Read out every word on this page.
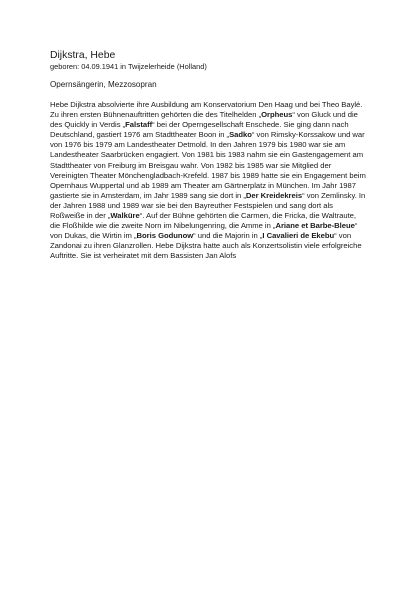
Dijkstra, Hebe

geboren: 04.09.1941 in Twijzelerheide (Holland)

Opernsängerin, Mezzosopran

Hebe Dijkstra absolvierte ihre Ausbildung am Konservatorium Den Haag und bei Theo Baylé. Zu ihren ersten Bühnenauftritten gehörten die des Titelhelden „Orpheus“ von Gluck und die des Quickly in Verdis „Falstaff“ bei der Operngesellschaft Enschede. Sie ging dann nach Deutschland, gastiert 1976 am Stadttheater Boon in „Sadko“ von Rimsky-Korssakow und war von 1976 bis 1979 am Landestheater Detmold. In den Jahren 1979 bis 1980 war sie am Landestheater Saarbrücken engagiert. Von 1981 bis 1983 nahm sie ein Gastengagement am Stadttheater von Freiburg im Breisgau wahr. Von 1982 bis 1985 war sie Mitglied der Vereinigten Theater Mönchengladbach-Krefeld. 1987 bis 1989 hatte sie ein Engagement beim Opernhaus Wuppertal und ab 1989 am Theater am Gärtnerplatz in München. Im Jahr 1987 gastierte sie in Amsterdam, im Jahr 1989 sang sie dort in „Der Kreidekreis“ von Zemlinsky. In der Jahren 1988 und 1989 war sie bei den Bayreuther Festspielen und sang dort als Roßweiße in der „Walküre“. Auf der Bühne gehörten die Carmen, die Fricka, die Waltraute, die Floßhilde wie die zweite Norn im Nibelungenring, die Amme in „Ariane et Barbe-Bleue“ von Dukas, die Wirtin im „Boris Godunow“ und die Majorin in „I Cavalieri de Ekebu“ von Zandonai zu ihren Glanzrollen. Hebe Dijkstra hatte auch als Konzertsolistin viele erfolgreiche Auftritte. Sie ist verheiratet mit dem Bassisten Jan Alofs
